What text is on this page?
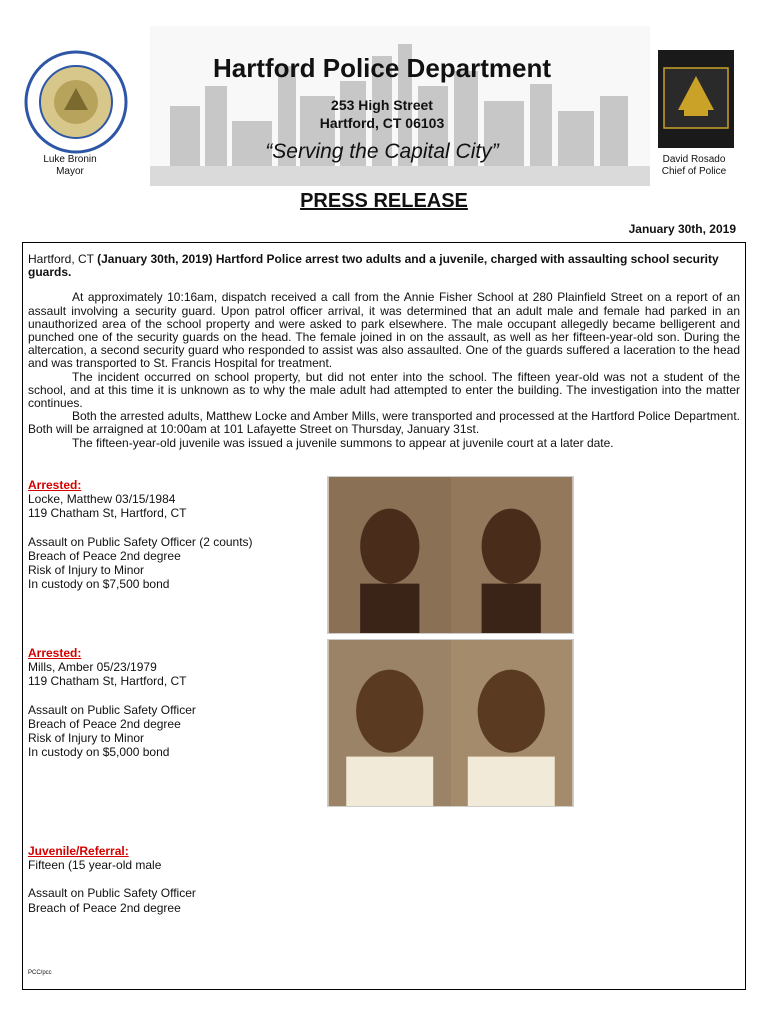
Luke Bronin
Mayor
David Rosado
Chief of Police
Hartford Police Department
253 High Street
Hartford, CT 06103
“Serving the Capital City”
PRESS RELEASE
January 30th, 2019
Hartford, CT (January 30th, 2019) Hartford Police arrest two adults and a juvenile, charged with assaulting school security guards.
At approximately 10:16am, dispatch received a call from the Annie Fisher School at 280 Plainfield Street on a report of an assault involving a security guard. Upon patrol officer arrival, it was determined that an adult male and female had parked in an unauthorized area of the school property and were asked to park elsewhere. The male occupant allegedly became belligerent and punched one of the security guards on the head. The female joined in on the assault, as well as her fifteen-year-old son. During the altercation, a second security guard who responded to assist was also assaulted. One of the guards suffered a laceration to the head and was transported to St. Francis Hospital for treatment.
The incident occurred on school property, but did not enter into the school. The fifteen year-old was not a student of the school, and at this time it is unknown as to why the male adult had attempted to enter the building. The investigation into the matter continues.
Both the arrested adults, Matthew Locke and Amber Mills, were transported and processed at the Hartford Police Department. Both will be arraigned at 10:00am at 101 Lafayette Street on Thursday, January 31st.
The fifteen-year-old juvenile was issued a juvenile summons to appear at juvenile court at a later date.
Arrested:
Locke, Matthew 03/15/1984
119 Chatham St, Hartford, CT
Assault on Public Safety Officer (2 counts)
Breach of Peace 2nd degree
Risk of Injury to Minor
In custody on $7,500 bond
Arrested:
Mills, Amber 05/23/1979
119 Chatham St, Hartford, CT
Assault on Public Safety Officer
Breach of Peace 2nd degree
Risk of Injury to Minor
In custody on $5,000 bond
Juvenile/Referral:
Fifteen (15 year-old male
Assault on Public Safety Officer
Breach of Peace 2nd degree
PCC/pcc
